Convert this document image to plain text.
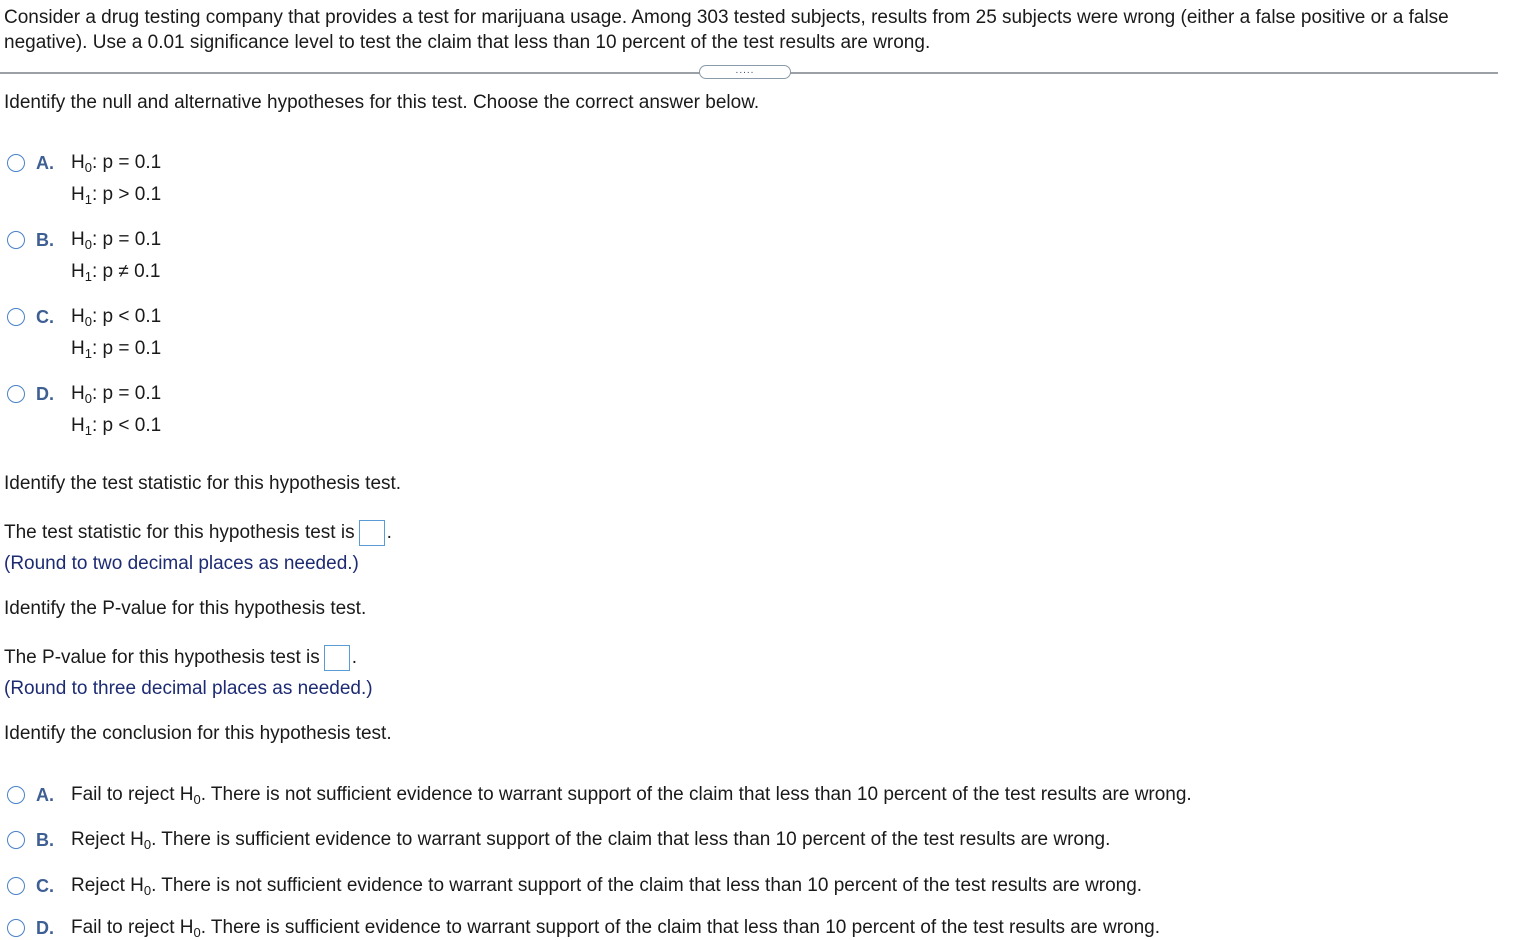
Consider a drug testing company that provides a test for marijuana usage. Among 303 tested subjects, results from 25 subjects were wrong (either a false positive or a false negative). Use a 0.01 significance level to test the claim that less than 10 percent of the test results are wrong.

.....

Identify the null and alternative hypotheses for this test. Choose the correct answer below.

A. $H_0$: p = 0.1
$H_1$: p > 0.1
B. $H_0$: p = 0.1
$H_1$: p ≠ 0.1
C. $H_0$: p < 0.1
$H_1$: p = 0.1
D. $H_0$: p = 0.1
$H_1$: p < 0.1

Identify the test statistic for this hypothesis test.

The test statistic for this hypothesis test is .

(Round to two decimal places as needed.)

Identify the P-value for this hypothesis test.

The P-value for this hypothesis test is .

(Round to three decimal places as needed.)

Identify the conclusion for this hypothesis test.

A. Fail to reject $H_0$. There is not sufficient evidence to warrant support of the claim that less than 10 percent of the test results are wrong.
B. Reject $H_0$. There is sufficient evidence to warrant support of the claim that less than 10 percent of the test results are wrong.
C. Reject $H_0$. There is not sufficient evidence to warrant support of the claim that less than 10 percent of the test results are wrong.
D. Fail to reject $H_0$. There is sufficient evidence to warrant support of the claim that less than 10 percent of the test results are wrong.
